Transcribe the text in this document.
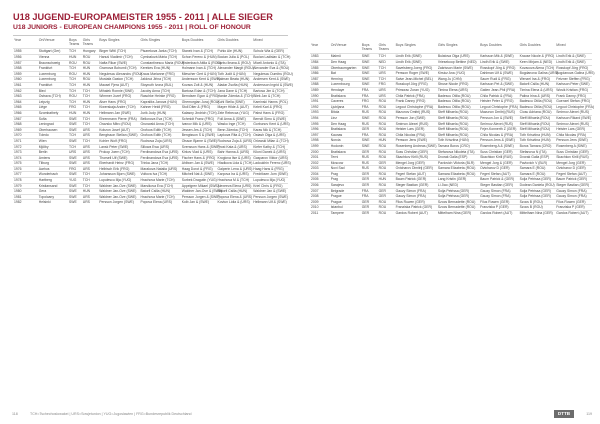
U18 JUGEND-EUROPAMEISTER 1955 - 2011 | ALLE SIEGER
U18 JUNIORS - EUROPEAN CHAMPIONS 1955 - 2011 | ROLL OF HONOUR
Year	Ort/Venue	Boys Teams	Girls Teams	Boys Singles	Girls Singles	Boys Doubles	Girls Doubles	Mixed
1955	Stuttgart (Ger)	TCH	Hungary	Birger Wittl (TCH)	Pisarekova Jarka (TCH)	Stanek Ivan & (TCH)	Puhlo Ale (HUN)	Schulz Wia & (GER)
1956	Vienna	HUN	ROU	Hanuš Vladimír (TCH)	Cymbalová Mária (TCH)	Schon Ferenc & (HUN)	Bocian Julia & (POL)	Bocian Ladislav & (TCH)
1957	Braunschweig	ROU	ROU	Nafta Rikar (SWE)	Constantinescu Maria (ROU)	Ristenbach Attila & (ROU)	Barbu Ileana & (ROU)	Miceli Antonio & (ITA)
1958	Frankfurt	TCH	HUN	Gramova Bohumil (TCH)	Kerekes Eva (HUN)	Holmann Ivan & (TCH)	Alexander Margit (ROU)	Alexander Eva & (ROU)
1959	Luxemburg	ROU	HUN	Negulescu Alexandru (ROU)	Kraus Marianne (FRG)	Miescher Gert & (HUN)	Toth Judit & (HUN)	Negulescu Dumitru (ROU)
1960	Luxemburg	TCH	ROU	Mustafa Gaston (TCH)	Jaklová Jirina (TCH)	Andersson Kent & (SWE)	Kalman Beata (HUN)	Andersen Kent & (SWE)
1961	Frankfurt	TCH	HUN	Mausel Fjera (AUT)	Stoynuth Ivona (BUL)	Kovacs Zolt & (HUN)	Aladar Zsofia (HUN)	Andersson Ingrid & (SWE)
1962	Bled	TCH	TCH	Mihalek Ronnie (SWE)	Jacoby Anna (TCH)	Bartosa Edan & (TCH)	Jana Dane & (TCH)	Bartosa Jim & (TCH)
1963	Ostrava (TCH)	ROU	TCH	Wimmer Jozef (FRG)	Raschke Heinke (FRG)	Berndsen Egon & (FRG)	Hanke Zdenka & (TCH)	Bilek Jan & (TCH)
1964	Leipzig	TCH	HUN	Alser Hans (FRG)	Kapraliks Janova (HUN)	Ghemorgian Juraj (ROU)	Kuhl Stella (SWE)	Kaminski Hanns (POL)
1965	Liège	FRG	TCH	Kiwerskaja Andre (TCH)	Kahner Heidi (FRG)	Stoll Diter & (FRG)	Mayer Hilde & (AUT)	Keleti Karl & (FRG)
1966	Szombathely	HUN	HUN	Hellmann Jan (SWE)	Jurik Judy (HUN)	Kalasny Jindrich (TCH)	Zele Rebecca (YUG)	Pabst Hans & (FRG)
1967	Sofia	SWE	TCH	Ehrenmann Pierre (FRA)	Bellonova Eva (TCH)	Schmidt Franz (FRG)	Foll Anna & (SWE)	Berndt Simo & (SWE)
1968	Leningrad	SWE	TCH	Oravsko Mitro (ROU)	Grunwald Anna (TCH)	Ivanov Mik & (URS)	Wasko Inge (TCH)	Gorbunov Kent & (URS)
1969	Oberhausen	SWE	URS	Kobzon Josef (AUT)	Grofova Edith (TCH)	Jessen Jes & (TCH)	Benn Zdenka (TCH)	Karas Nik & (TCH)
1970	Toledo	TCH	URS	Bengtsson Stellan (SWE)	Grofova Edith (TCH)	Bengtsson S & (SWE)	Lapkova Rita & (TCH)	Ostash Olga & (URS)
1971	Wien	SWE	TCH	Kohler Wolf (FRG)	Rudnova Zoja (URS)	Olsson Bjarne & (SWE)	Rudnova Zoja & (URS)	Orlowski Milan & (TCH)
1972	Mjölby	TCH	URS	Lansk Peter (SWE)	Sillowa Ewa (URS)	Svensson Hans & (SWE)	Prost Kata & (URS)	Kiefer Kathy & (TCH)
1973	Berlin	URS	URS	Prokop Joern (TCH)	Ferdinandova Eva (URS)	Kirkov Vlad & (URS)	Bahr Hanna & (URS)	Kiloni Danek & (URS)
1974	Amiens	SWE	URS	Thorsell Ulf (SWE)	Ferdinandova Eva (URS)	Fischer Hans & (FRG)	Kroglova Ilse & (URS)	Gasparov Viktor (URS)
1975	Tilburg	SWE	URS	Eberhardt Heinz (FRG)	Trinka Jana (TCH)	Ahlborn Jan & (SWE)	Hladkova Lida & (TCH)	Ladoukhin Ferenc (URS)
1976	Aarhus	FRG	URS	Hellrisch Erik (FRG)	Marakova Natalia (URS)	Haag Dorot & (FRG)	Galperin Lena & (URS)	Haag Hans & (FRG)
1977	Wunderbach	SWE	TCH	Johansson Bjorn (SWE)	Voltova Iva (TCH)	Mitchell Nat & (SWE)	Karpova Ira & (URS)	Fredriksen Jorn (SWE)
1978	Hartberg	YUG	TCH	Lupulescu Ilija (YUG)	Hrachova Marie (TCH)	Surbek Dragutin (YUG)	Hrachova M & (TCH)	Lupulescu Ilija (YUG)
1979	Kristiansand	SWE	TCH	Waldner Jan-Ove (SWE)	Marsikova Eva (TCH)	Appelgren Mikael (SWE)	Alexeeva Elena (URS)	Kriel Chris & (FRG)
1980	Gera	SWE	HUN	Waldner Jan-Ove (SWE)	Batorfi Csilla (HUN)	Waldner Jan-Ove & (SWE)	Batorfi Csilla (HUN)	Waldner Jan & (SWE)
1981	Topolcany	SWE	URS	Waldner Jan-Ove (SWE)	Hrachova Marie (TCH)	Persson Jorgen & (SWE)	Popova Elena & (URS)	Persson Jorgen (SWE)
1982	Helsinki	SWE	URS	Persson Jorgen (SWE)	Popova Elena (URS)	Kolb Jan & (SWE)	Kovtun Lidia & (URS)	Hellmann Ulf & (SWE)
118	TCH=Tschechoslowakei | URS=Sowjetunion | YUG=Jugoslawien | FRG=Bundesrepublik Deutschland
Year	Ort/Venue	Boys Teams	Girls Teams	Boys Singles	Girls Singles	Boys Doubles	Girls Doubles	Mixed
1983	Malmö	SWE	TCH	Lindh Erik (SWE)	Bulatova Olga (URS)	Karlsson Mik & (SWE)	Krause Nicole & (FRG)	Lindh Erik & (SWE)
1984	Den Haag	SWE	NED	Lindh Erik (SWE)	Vriesekoop Bettine (NED)	Lindh Erik & (SWE)	Keen Mirjam & (NED)	Lindh Erik & (SWE)
1985	Oberbaumgarten	SWE	TCH	Savelsberg Joerg (FRG)	Zakrisson Marie (SWE)	Rosskopf Jörg & (FRG)	Kovacova Alena (TCH)	Rosskopf Jörg (FRG)
1986	Bat	SWE	URS	Persson Roger (SWE)	Kirsicz Ana (YUG)	Dahlman Ulf & (SWE)	Bogdanova Galina (URS)	Bogdanova Galina (URS)
1987	Herning	SWE	TCH	Saive Jean-Michel (BEL)	Wang Ju (CHN)	Sauer Rudi & (FRG)	Wenzel Ina & (FRG)	Fetzner Steffen (FRG)
1988	Luxembourg	SWE	FRG	Rosskopf Jörg (FRG)	Struse Nicole (FRG)	Karlsson Pet & (SWE)	Batorfi Csilla (HUN)	Karlsson Peter (SWE)
1989	Hendaye	FRA	URS	Primorac Zoran (YUG)	Timina Elena (URS)	Gatien Jean-Phil (FRA)	Timina Elena & (URS)	Wosik Kristian (FRG)
1990	Bratislava	FRA	URS	Chila Patrick (FRA)	Badescu Otilia (ROU)	Chila Patrick & (FRA)	Palina Irina & (URS)	Frank Danny (FRG)
1991	Caceres	FRG	ROU	Frank Danny (FRG)	Badescu Otilia (ROU)	Heister Peter & (FRG)	Badescu Otilia (ROU)	Guenzel Stefan (FRG)
1992	Ljubljana	FRA	ROU	Legout Christophe (FRA)	Badescu Otilia (ROU)	Legout Christophe (FRA)	Badescu Otilia (ROU)	Legout Christophe (FRA)
1993	Bitola	RUS	ROU	Mazunov Dmitrij (RUS)	Steff Mihaela (ROU)	Mazunov Dmitrij (RUS)	Ciosu Adriana (ROU)	Smirnov Alexei (RUS)
1994	Linz	SWE	ROU	Persson Jon (SWE)	Steff Mihaela (ROU)	Persson Jon & (SWE)	Steff Mihaela (ROU)	Karlsson Rikard (SWE)
1995	Den Haag	RUS	ROU	Smirnov Alexei (RUS)	Steff Mihaela (ROU)	Smirnov Alexei (RUS)	Steff Mihaela (ROU)	Smirnov Alexei (RUS)
1996	Bratislava	GER	ROU	Heister Lars (GER)	Steff Mihaela (ROU)	Fejer-Konnerth Z (GER)	Steff Mihaela (ROU)	Heister Lars (GER)
1997	Kaunas	FRA	ROU	Chila Nicolas (FRA)	Steff Mihaela (ROU)	Chila Nicolas & (FRA)	Toth Krisztina (HUN)	Chila Nicolas (FRA)
1998	Norcia	SWE	HUN	Persson Jens (SWE)	Toth Krisztina (HUN)	Persson Jens & (SWE)	Toth Krisztina (HUN)	Persson Jens (SWE)
1999	Hodonin	SWE	ROU	Rosenberg Andreas (SWE)	Tamara Boros (CRO)	Rosenberg A & (SWE)	Boros Tamara (CRO)	Rosenberg A (SWE)
2000	Bratislava	GER	ROU	Suss Christian (GER)	Stefanova Nikoleta (ITA)	Suss Christian (GER)	Stefanova N (ITA)	Suss Christian (GER)
2001	Terni	RUS	ROU	Skachkov Kirill (RUS)	Dvorak Galia (ESP)	Skachkov Kirill (RUS)	Dvorak Galia (ESP)	Skachkov Kirill (RUS)
2002	Moscow	RUS	GER	Mengel Jorg (GER)	Pavlovich Viktoria (BLR)	Mengel Jorg & (GER)	Pavlovich V (BLR)	Mengel Jorg (GER)
2003	Novi Sad	RUS	ROU	Ovtcharov Dimitrij (GER)	Samara Elizabeta (ROU)	Ovtcharov D (GER)	Samara E (ROU)	Ovtcharov D (GER)
2004	Prag	GER	ROU	Fegerl Stefan (AUT)	Samara Elizabeta (ROU)	Fegerl Stefan (AUT)	Samara E (ROU)	Fegerl Stefan (AUT)
2005	Prag	GER	HUN	Baum Patrick (GER)	Lang Kristin (GER)	Baum Patrick & (GER)	Solja Petrissa (GER)	Baum Patrick (GER)
2006	Sarajevo	GER	ROU	Steger Bastian (GER)	Li Jiao (NED)	Steger Bastian (GER)	Dodean Daniela (ROU)	Steger Bastian (GER)
2007	Belgrade	FRA	GER	Gauzy Simon (FRA)	Solja Petrissa (GER)	Gauzy Simon (FRA)	Solja Petrissa (GER)	Gauzy Simon (FRA)
2008	Prague	FRA	GER	Gauzy Simon (FRA)	Solja Petrissa (GER)	Gauzy Simon (FRA)	Solja Petrissa (GER)	Gauzy Simon (FRA)
2009	Prague	GER	ROU	Filus Ruwen (GER)	Szocs Bernadette (ROU)	Filus Ruwen (GER)	Szocs B (ROU)	Filus Ruwen (GER)
2010	Istanbul	GER	ROU	Franziska Patrick (GER)	Szocs Bernadette (ROU)	Franziska P (GER)	Szocs B (ROU)	Franziska P (GER)
2011	Tampere	GER	ROU	Gardos Robert (AUT)	Mittelham Nina (GER)	Gardos Robert (AUT)	Mittelham Nina (GER)	Gardos Robert (AUT)
DTTB	119
